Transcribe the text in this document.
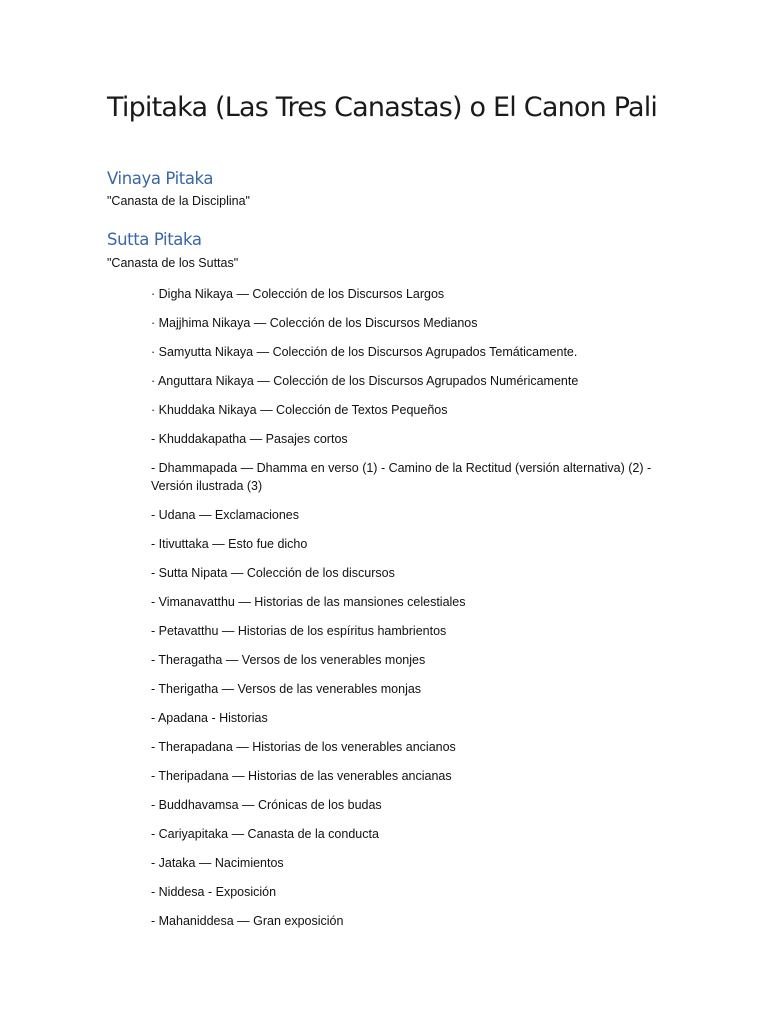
Tipitaka (Las Tres Canastas) o El Canon Pali
Vinaya Pitaka

"Canasta de la Disciplina"

Sutta Pitaka

"Canasta de los Suttas"

· Digha Nikaya — Colección de los Discursos Largos
· Majjhima Nikaya — Colección de los Discursos Medianos
· Samyutta Nikaya — Colección de los Discursos Agrupados Temáticamente.
· Anguttara Nikaya — Colección de los Discursos Agrupados Numéricamente
· Khuddaka Nikaya — Colección de Textos Pequeños
- Khuddakapatha — Pasajes cortos
- Dhammapada — Dhamma en verso (1) - Camino de la Rectitud (versión alternativa) (2) - Versión ilustrada (3)
- Udana — Exclamaciones
- Itivuttaka — Esto fue dicho
- Sutta Nipata — Colección de los discursos
- Vimanavatthu — Historias de las mansiones celestiales
- Petavatthu — Historias de los espíritus hambrientos
- Theragatha — Versos de los venerables monjes
- Therigatha — Versos de las venerables monjas
- Apadana - Historias
- Therapadana — Historias de los venerables ancianos
- Theripadana — Historias de las venerables ancianas
- Buddhavamsa — Crónicas de los budas
- Cariyapitaka — Canasta de la conducta
- Jataka — Nacimientos
- Niddesa - Exposición
- Mahaniddesa — Gran exposición
